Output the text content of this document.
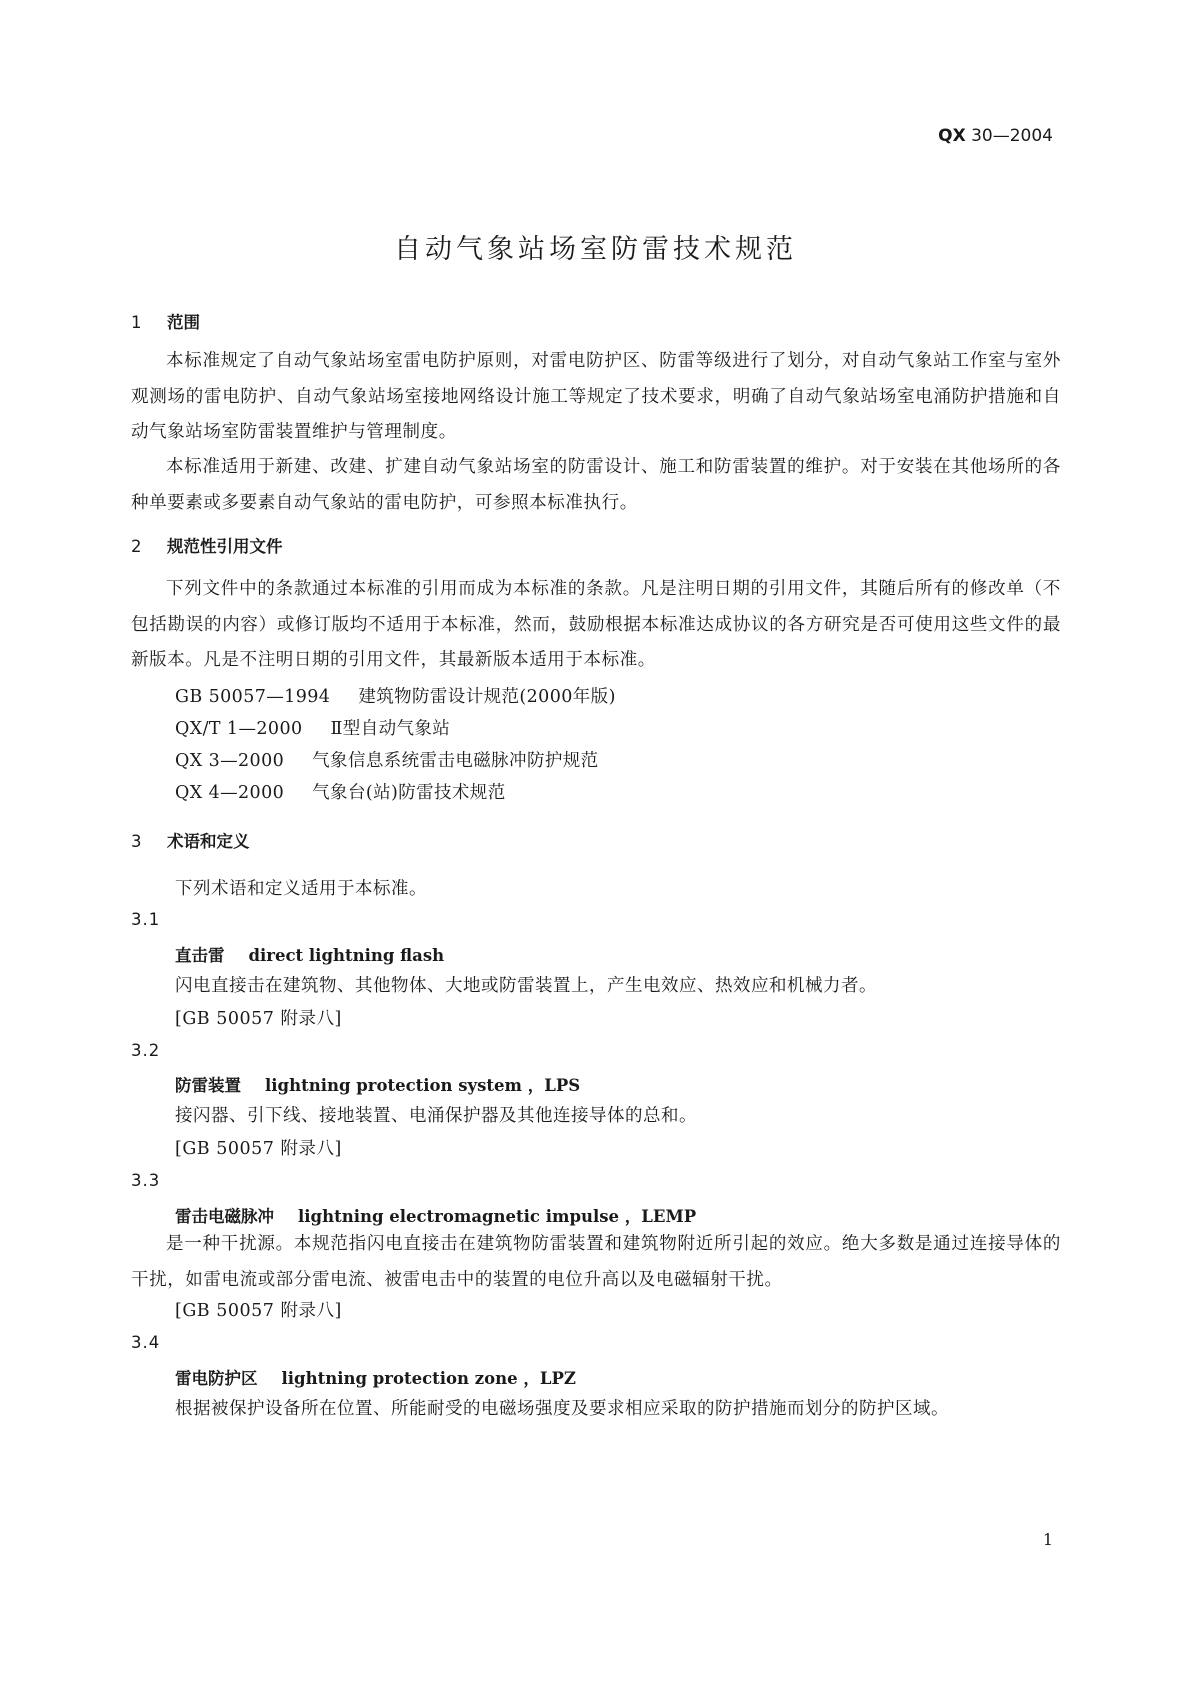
QX 30—2004
自动气象站场室防雷技术规范
1 范围
本标准规定了自动气象站场室雷电防护原则，对雷电防护区、防雷等级进行了划分，对自动气象站工作室与室外观测场的雷电防护、自动气象站场室接地网络设计施工等规定了技术要求，明确了自动气象站场室电涌防护措施和自动气象站场室防雷装置维护与管理制度。
本标准适用于新建、改建、扩建自动气象站场室的防雷设计、施工和防雷装置的维护。对于安装在其他场所的各种单要素或多要素自动气象站的雷电防护，可参照本标准执行。
2 规范性引用文件
下列文件中的条款通过本标准的引用而成为本标准的条款。凡是注明日期的引用文件，其随后所有的修改单（不包括勘误的内容）或修订版均不适用于本标准，然而，鼓励根据本标准达成协议的各方研究是否可使用这些文件的最新版本。凡是不注明日期的引用文件，其最新版本适用于本标准。
GB 50057—1994 建筑物防雷设计规范(2000年版)
QX/T 1—2000 Ⅱ型自动气象站
QX 3—2000 气象信息系统雷击电磁脉冲防护规范
QX 4—2000 气象台(站)防雷技术规范
3 术语和定义
下列术语和定义适用于本标准。
3.1
直击雷 direct lightning flash
闪电直接击在建筑物、其他物体、大地或防雷装置上，产生电效应、热效应和机械力者。
[GB 50057 附录八]
3.2
防雷装置 lightning protection system ，LPS
接闪器、引下线、接地装置、电涌保护器及其他连接导体的总和。
[GB 50057 附录八]
3.3
雷击电磁脉冲 lightning electromagnetic impulse ，LEMP
是一种干扰源。本规范指闪电直接击在建筑物防雷装置和建筑物附近所引起的效应。绝大多数是通过连接导体的干扰，如雷电流或部分雷电流、被雷电击中的装置的电位升高以及电磁辐射干扰。
[GB 50057 附录八]
3.4
雷电防护区 lightning protection zone ，LPZ
根据被保护设备所在位置、所能耐受的电磁场强度及要求相应采取的防护措施而划分的防护区域。
1
